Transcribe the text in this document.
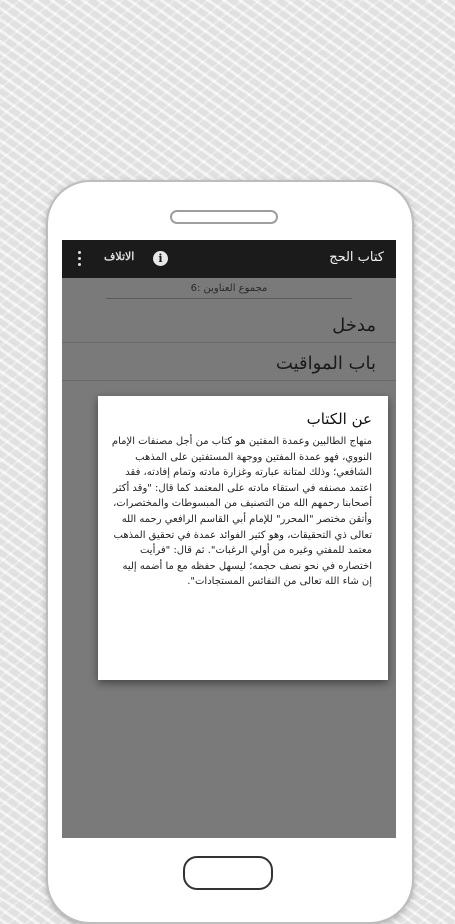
كتاب الحج
i
الاتلاف
مجموع العناوين :6
مدخل
باب المواقيت

عن الكتاب

منهاج الطالبين وعمدة المفتين هو كتاب من أجل مصنفات الإمام النووي، فهو عمدة المفتين ووجهة المستفتين على المذهب الشافعي؛ وذلك لمتانة عبارته وغزارة مادته وتمام إفادته، فقد اعتمد مصنفه في استقاء مادته على المعتمد كما قال: "وقد أكثر أصحابنا رحمهم الله من التصنيف من المبسوطات والمختصرات، وأتقن مختصر "المحرر" للإمام أبي القاسم الرافعي رحمه الله تعالى ذي التحقيقات، وهو كثير الفوائد عمدة في تحقيق المذهب معتمد للمفتي وغيره من أولي الرغبات". ثم قال: "فرأيت اختصاره في نحو نصف حجمه؛ ليسهل حفظه مع ما أضمه إليه إن شاء الله تعالى من النفائس المستجادات".
